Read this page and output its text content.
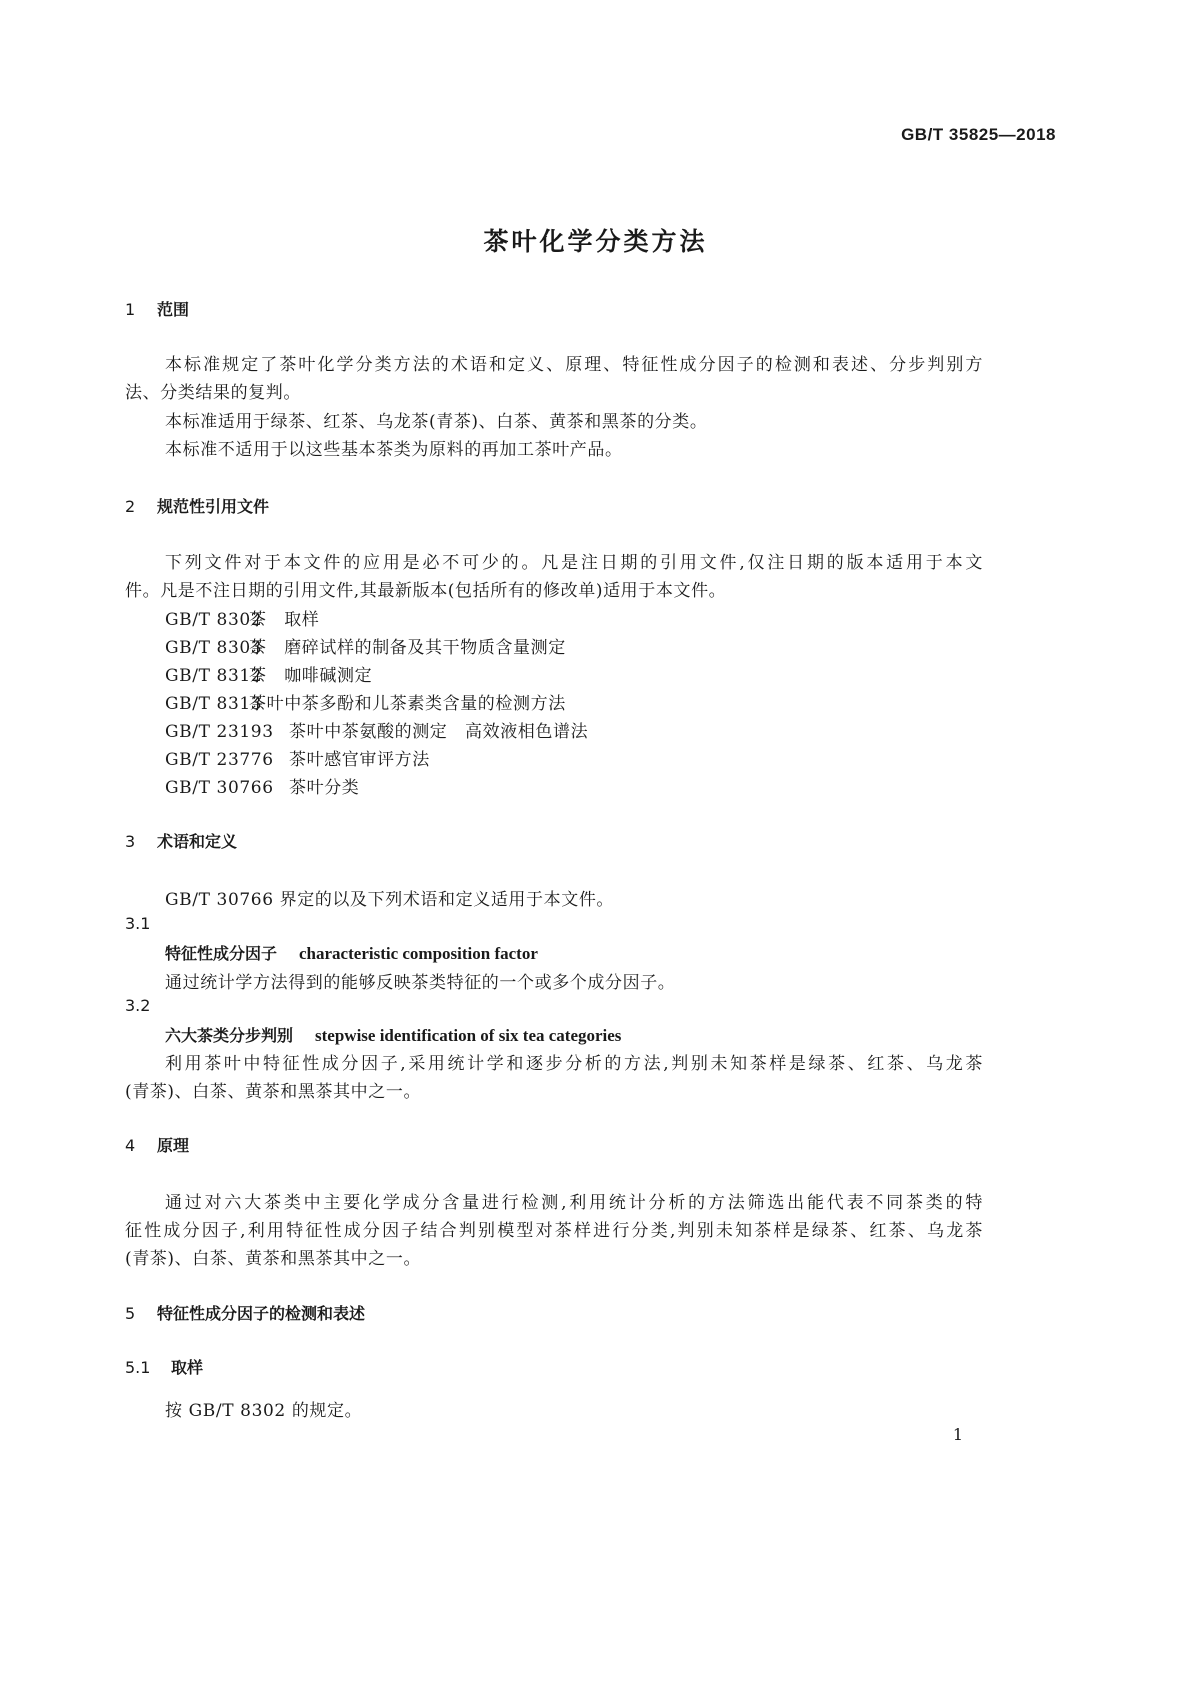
GB/T 35825—2018
茶叶化学分类方法
1 范围
本标准规定了茶叶化学分类方法的术语和定义、原理、特征性成分因子的检测和表述、分步判别方
法、分类结果的复判。
本标准适用于绿茶、红茶、乌龙茶(青茶)、白茶、黄茶和黑茶的分类。
本标准不适用于以这些基本茶类为原料的再加工茶叶产品。
2 规范性引用文件
下列文件对于本文件的应用是必不可少的。凡是注日期的引用文件,仅注日期的版本适用于本文
件。凡是不注日期的引用文件,其最新版本(包括所有的修改单)适用于本文件。
GB/T 8302茶　取样
GB/T 8303茶　磨碎试样的制备及其干物质含量测定
GB/T 8312茶　咖啡碱测定
GB/T 8313茶叶中茶多酚和儿茶素类含量的检测方法
GB/T 23193 茶叶中茶氨酸的测定　高效液相色谱法
GB/T 23776 茶叶感官审评方法
GB/T 30766 茶叶分类
3 术语和定义
GB/T 30766 界定的以及下列术语和定义适用于本文件。
3.1
特征性成分因子 characteristic composition factor
通过统计学方法得到的能够反映茶类特征的一个或多个成分因子。
3.2
六大茶类分步判别 stepwise identification of six tea categories
利用茶叶中特征性成分因子,采用统计学和逐步分析的方法,判别未知茶样是绿茶、红茶、乌龙茶
(青茶)、白茶、黄茶和黑茶其中之一。
4 原理
通过对六大茶类中主要化学成分含量进行检测,利用统计分析的方法筛选出能代表不同茶类的特
征性成分因子,利用特征性成分因子结合判别模型对茶样进行分类,判别未知茶样是绿茶、红茶、乌龙茶
(青茶)、白茶、黄茶和黑茶其中之一。
5 特征性成分因子的检测和表述
5.1 取样
按 GB/T 8302 的规定。
1
